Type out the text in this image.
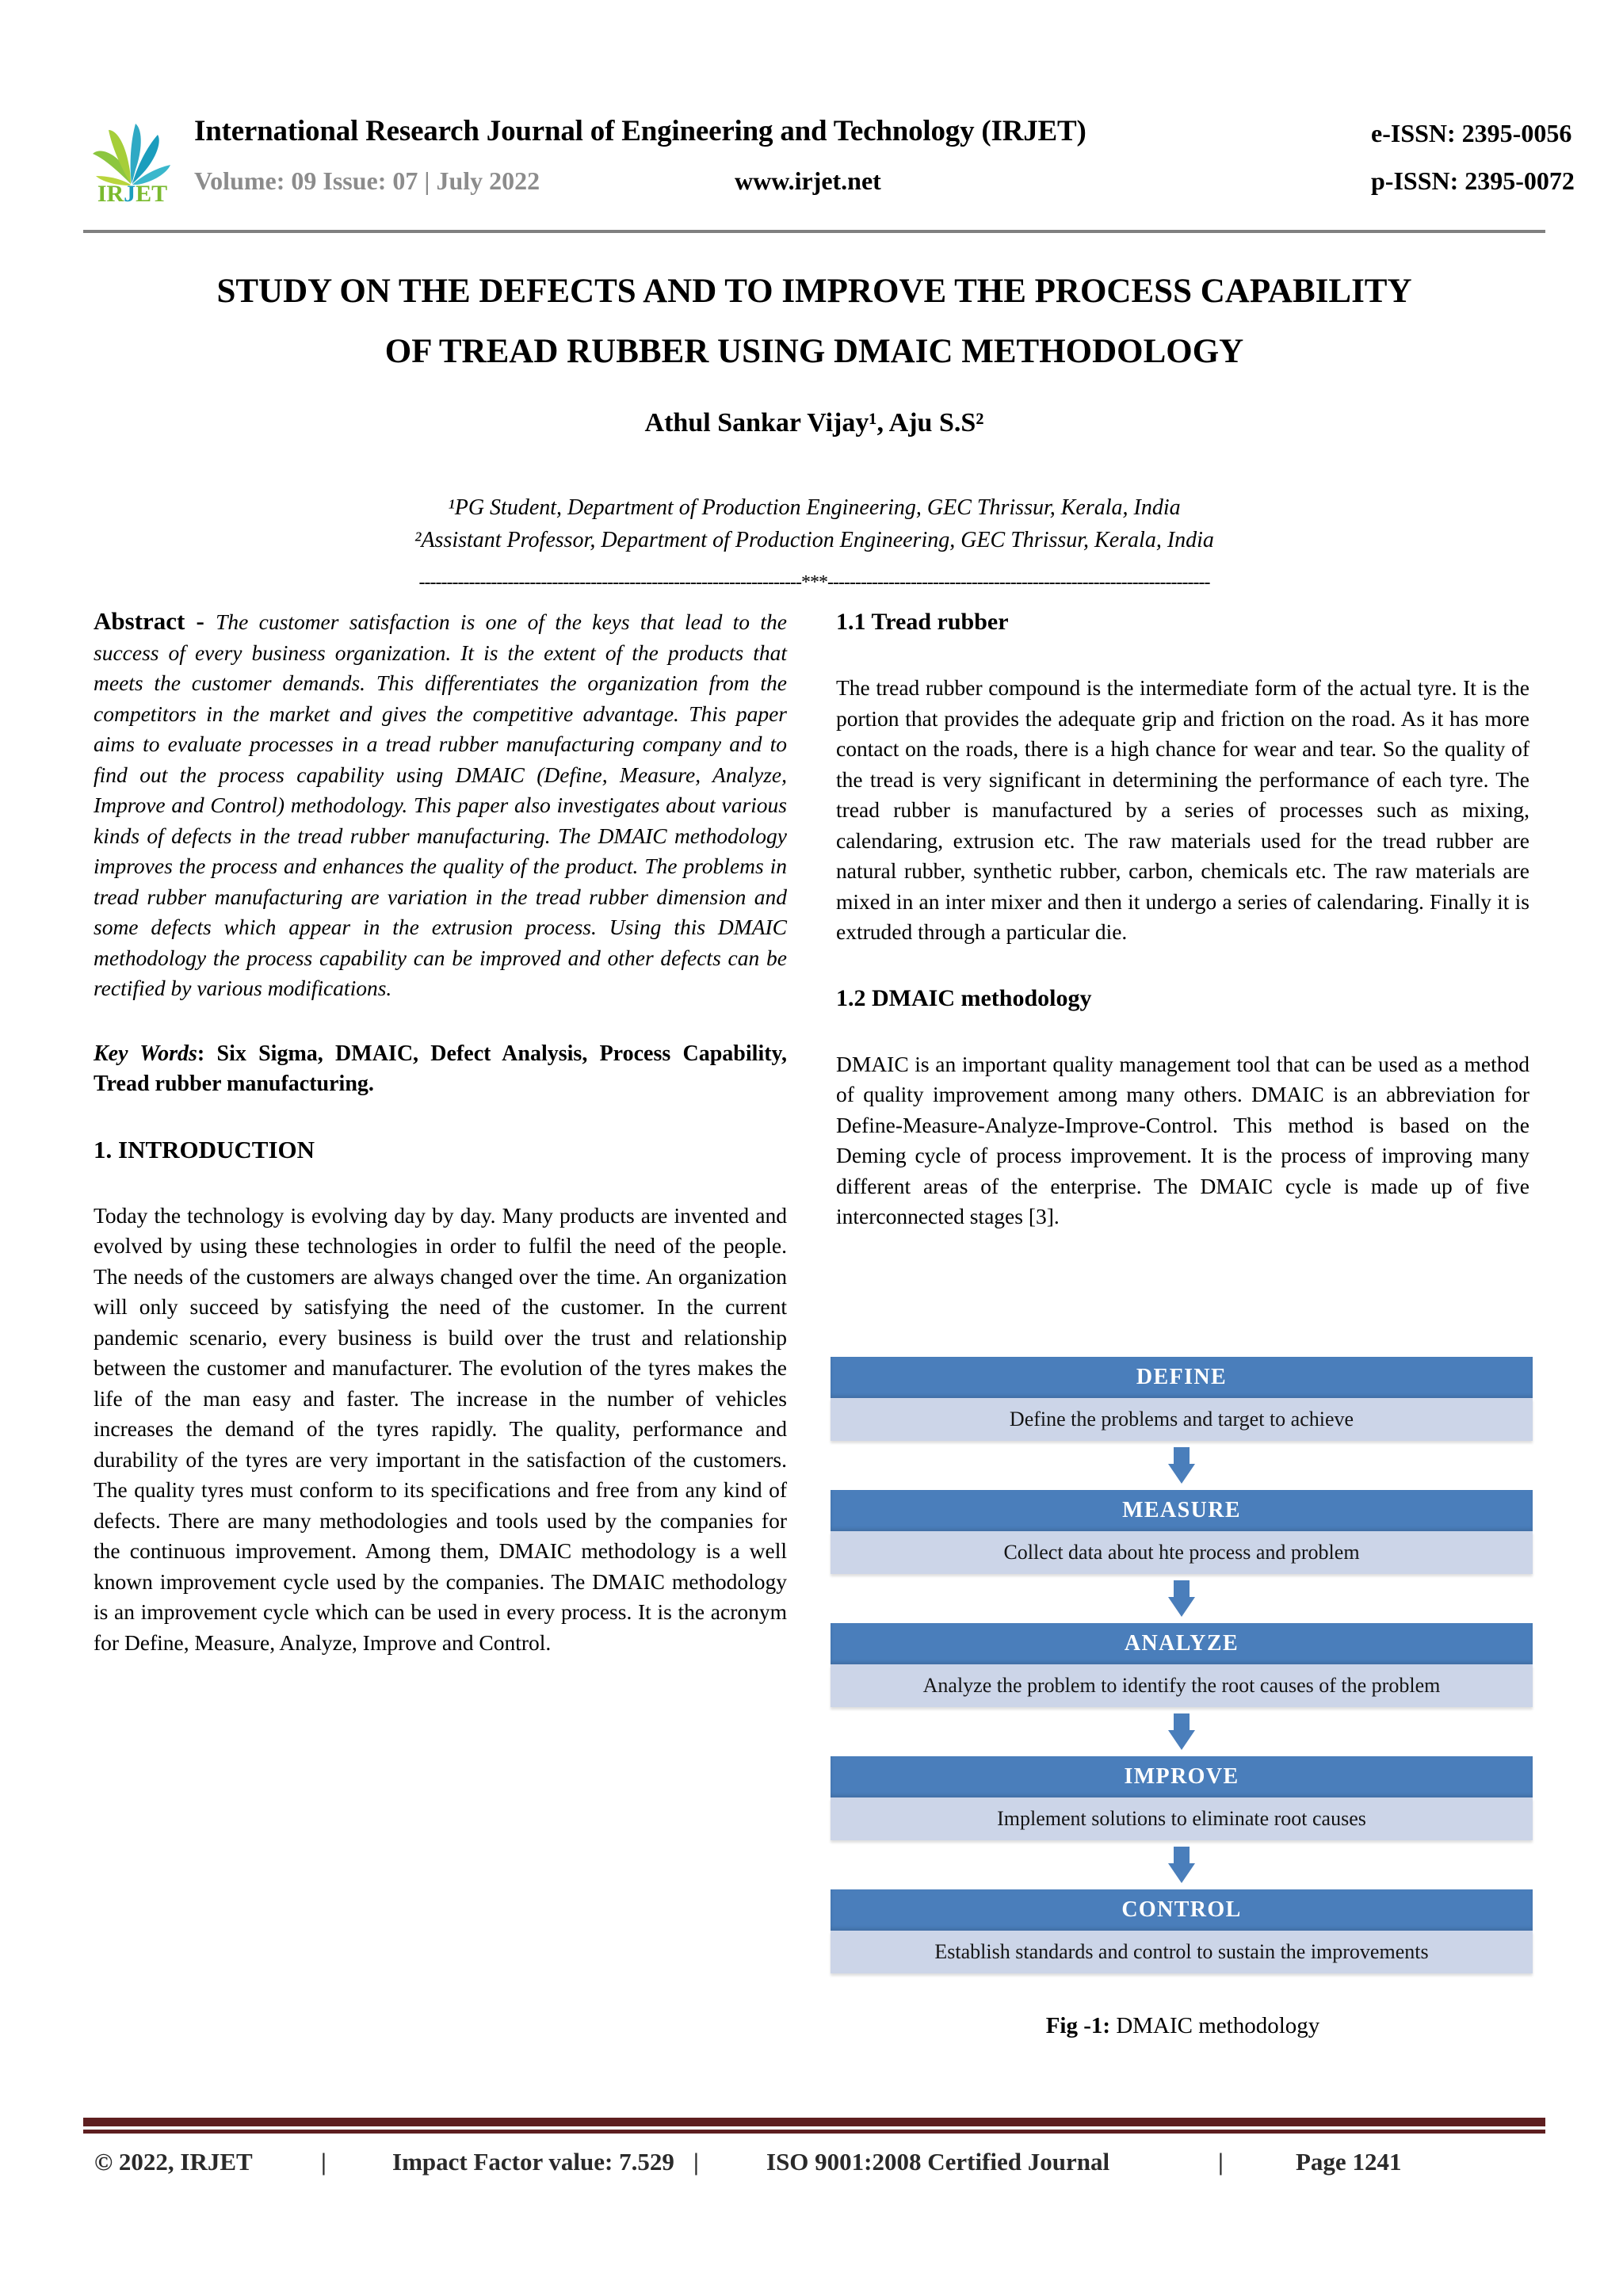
IRJET
International Research Journal of Engineering and Technology (IRJET)	e-ISSN: 2395-0056
Volume: 09 Issue: 07 | July 2022	www.irjet.net	p-ISSN: 2395-0072
STUDY ON THE DEFECTS AND TO IMPROVE THE PROCESS CAPABILITY
OF TREAD RUBBER USING DMAIC METHODOLOGY
Athul Sankar Vijay¹, Aju S.S²
¹PG Student, Department of Production Engineering, GEC Thrissur, Kerala, India
²Assistant Professor, Department of Production Engineering, GEC Thrissur, Kerala, India
---------------------------------------------------------------------***---------------------------------------------------------------------

Abstract - The customer satisfaction is one of the keys that lead to the success of every business organization. It is the extent of the products that meets the customer demands. This differentiates the organization from the competitors in the market and gives the competitive advantage. This paper aims to evaluate processes in a tread rubber manufacturing company and to find out the process capability using DMAIC (Define, Measure, Analyze, Improve and Control) methodology. This paper also investigates about various kinds of defects in the tread rubber manufacturing. The DMAIC methodology improves the process and enhances the quality of the product. The problems in tread rubber manufacturing are variation in the tread rubber dimension and some defects which appear in the extrusion process. Using this DMAIC methodology the process capability can be improved and other defects can be rectified by various modifications.

Key Words: Six Sigma, DMAIC, Defect Analysis, Process Capability, Tread rubber manufacturing.

1. INTRODUCTION

Today the technology is evolving day by day. Many products are invented and evolved by using these technologies in order to fulfil the need of the people. The needs of the customers are always changed over the time. An organization will only succeed by satisfying the need of the customer. In the current pandemic scenario, every business is build over the trust and relationship between the customer and manufacturer. The evolution of the tyres makes the life of the man easy and faster. The increase in the number of vehicles increases the demand of the tyres rapidly. The quality, performance and durability of the tyres are very important in the satisfaction of the customers. The quality tyres must conform to its specifications and free from any kind of defects. There are many methodologies and tools used by the companies for the continuous improvement. Among them, DMAIC methodology is a well known improvement cycle used by the companies. The DMAIC methodology is an improvement cycle which can be used in every process. It is the acronym for Define, Measure, Analyze, Improve and Control.

1.1 Tread rubber

The tread rubber compound is the intermediate form of the actual tyre. It is the portion that provides the adequate grip and friction on the road. As it has more contact on the roads, there is a high chance for wear and tear. So the quality of the tread is very significant in determining the performance of each tyre. The tread rubber is manufactured by a series of processes such as mixing, calendaring, extrusion etc. The raw materials used for the tread rubber are natural rubber, synthetic rubber, carbon, chemicals etc. The raw materials are mixed in an inter mixer and then it undergo a series of calendaring. Finally it is extruded through a particular die.

1.2 DMAIC methodology

DMAIC is an important quality management tool that can be used as a method of quality improvement among many others. DMAIC is an abbreviation for Define-Measure-Analyze-Improve-Control. This method is based on the Deming cycle of process improvement. It is the process of improving many different areas of the enterprise. The DMAIC cycle is made up of five interconnected stages [3].

DEFINE
Define the problems and target to achieve
MEASURE
Collect data about hte process and problem
ANALYZE
Analyze the problem to identify the root causes of the problem
IMPROVE
Implement solutions to eliminate root causes
CONTROL
Establish standards and control to sustain the improvements
Fig -1: DMAIC methodology
© 2022, IRJET	|	Impact Factor value: 7.529 |	ISO 9001:2008 Certified Journal	|	Page 1241
